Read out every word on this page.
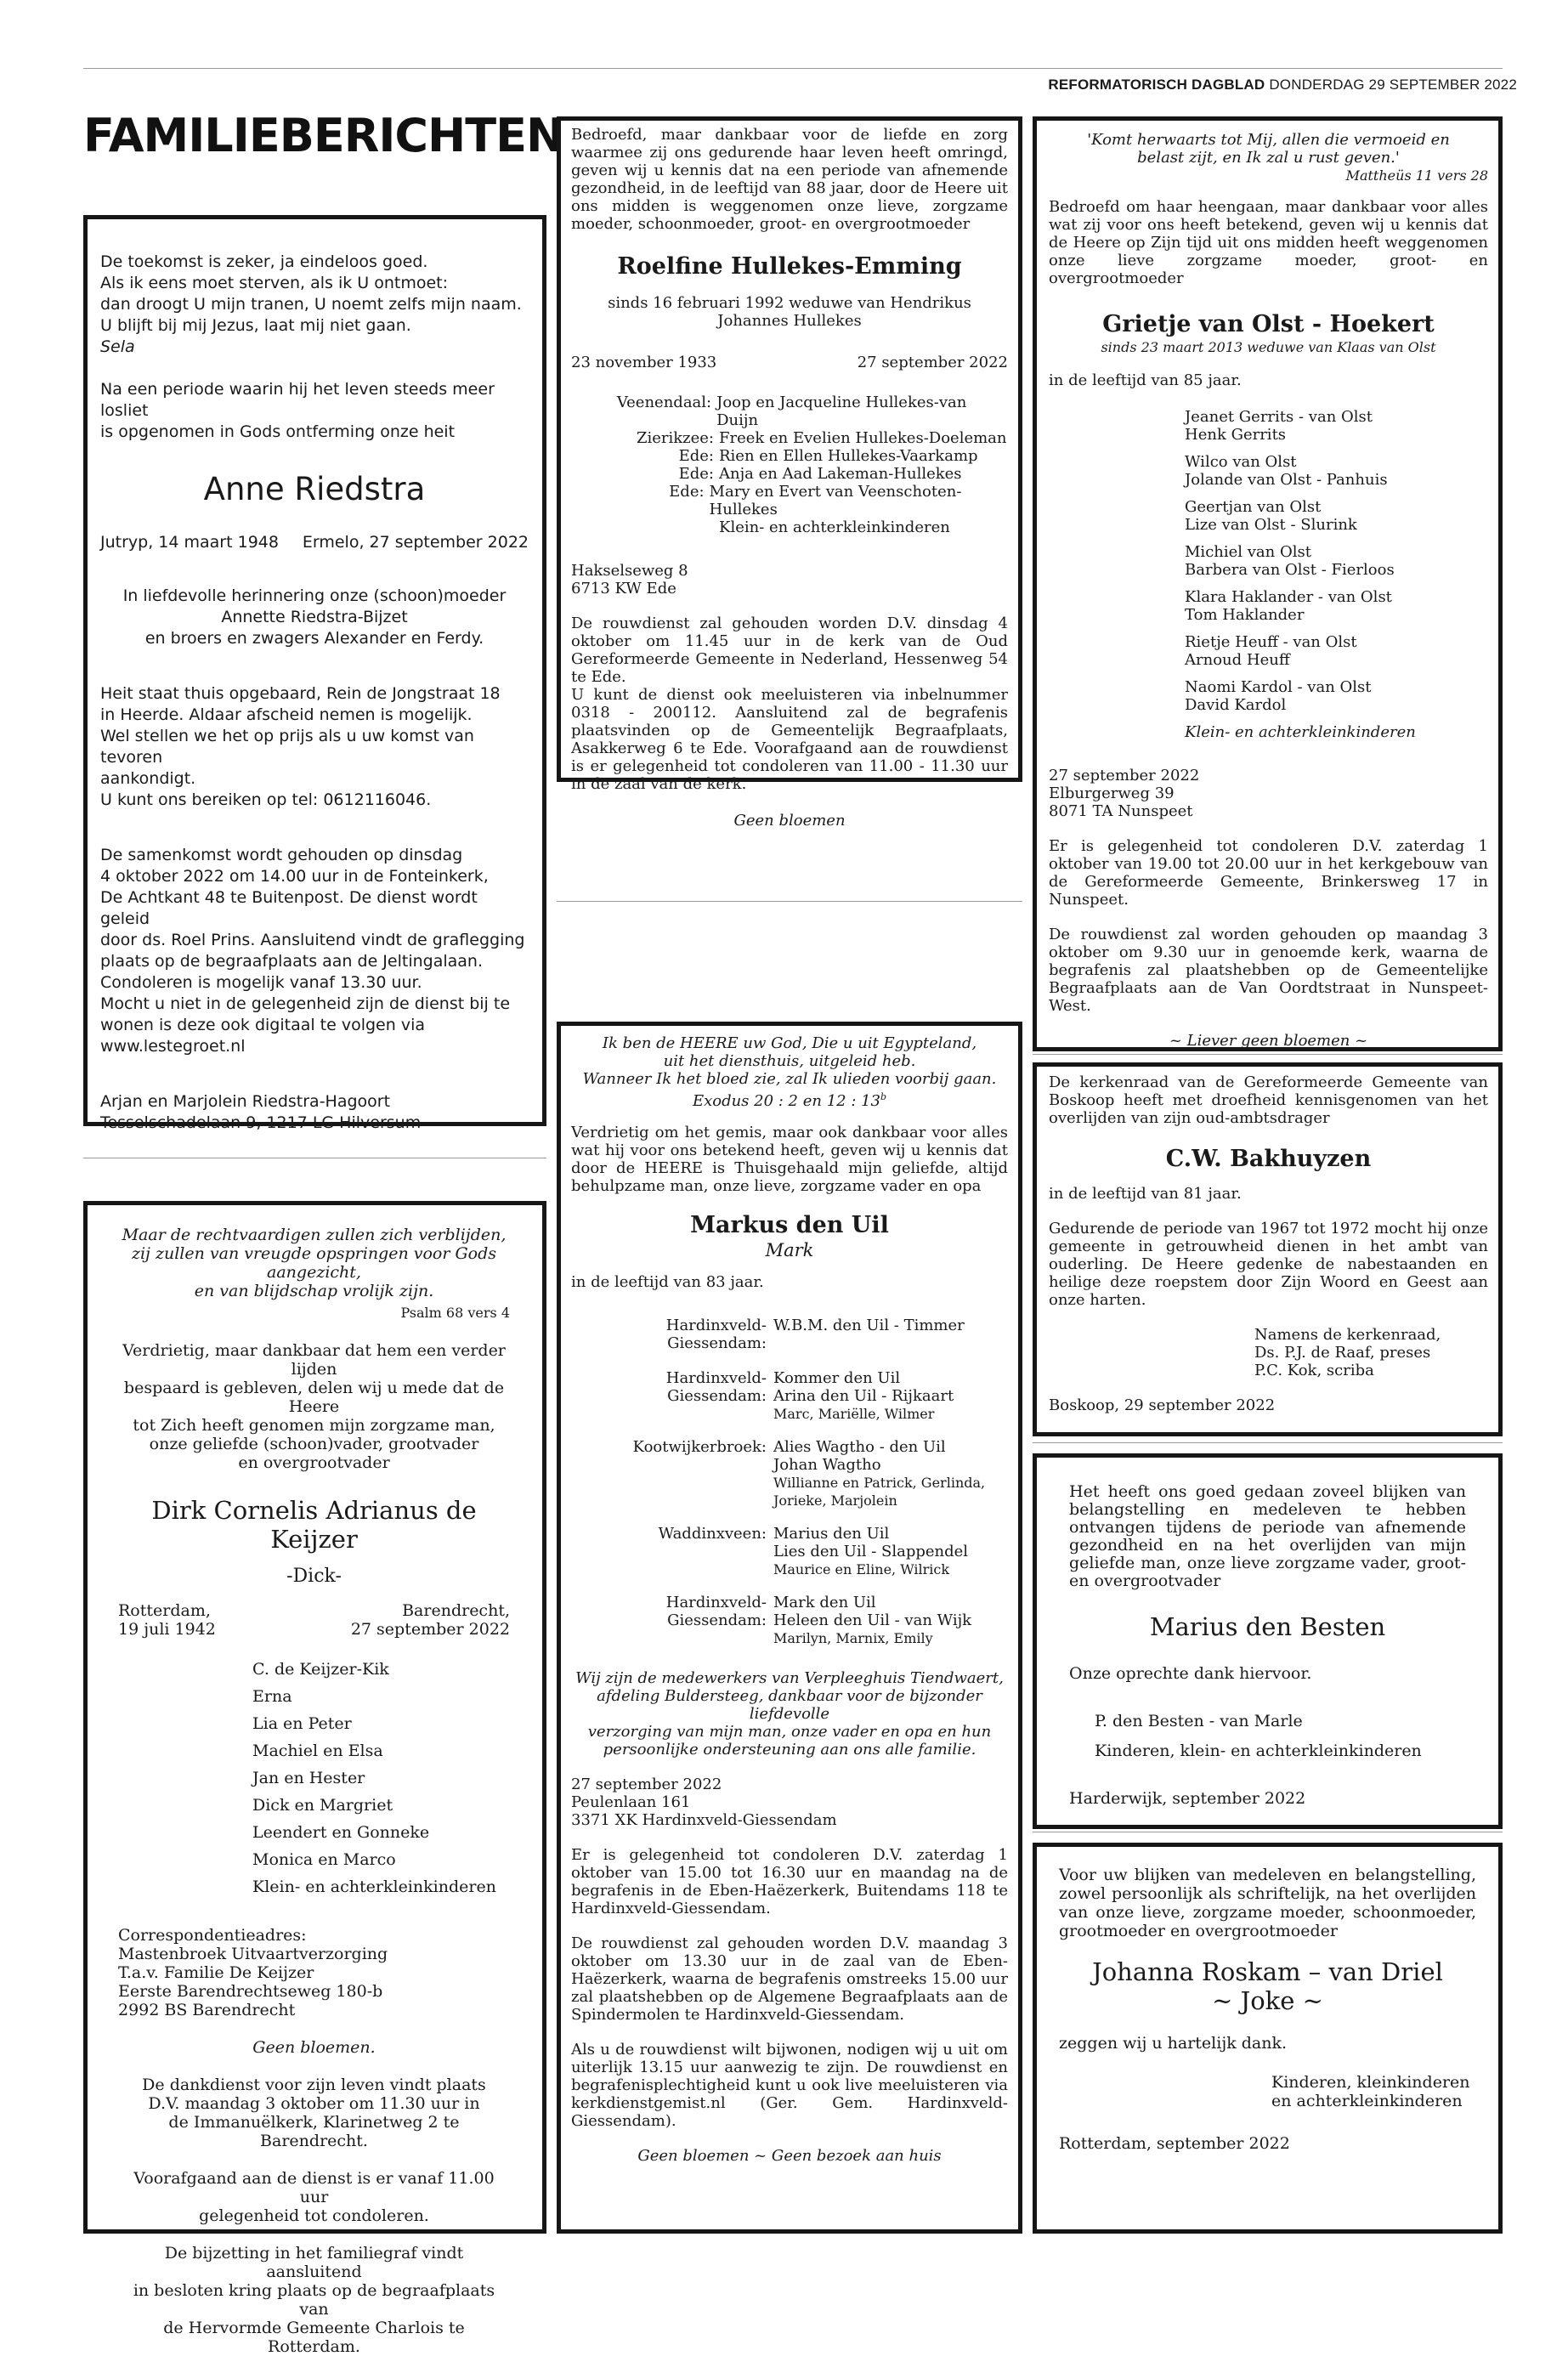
REFORMATORISCH DAGBLAD DONDERDAG 29 SEPTEMBER 2022
FAMILIEBERICHTEN

De toekomst is zeker, ja eindeloos goed.
Als ik eens moet sterven, als ik U ontmoet:
dan droogt U mijn tranen, U noemt zelfs mijn naam.
U blijft bij mij Jezus, laat mij niet gaan.

Sela

Na een periode waarin hij het leven steeds meer losliet
is opgenomen in Gods ontferming onze heit

Anne Riedstra

Jutryp, 14 maart 1948 Ermelo, 27 september 2022

In liefdevolle herinnering onze (schoon)moeder
Annette Riedstra-Bijzet
en broers en zwagers Alexander en Ferdy.

Heit staat thuis opgebaard, Rein de Jongstraat 18
in Heerde. Aldaar afscheid nemen is mogelijk.
Wel stellen we het op prijs als u uw komst van tevoren
aankondigt.
U kunt ons bereiken op tel: 0612116046.

De samenkomst wordt gehouden op dinsdag
4 oktober 2022 om 14.00 uur in de Fonteinkerk,
De Achtkant 48 te Buitenpost. De dienst wordt geleid
door ds. Roel Prins. Aansluitend vindt de graflegging
plaats op de begraafplaats aan de Jeltingalaan.
Condoleren is mogelijk vanaf 13.30 uur.
Mocht u niet in de gelegenheid zijn de dienst bij te
wonen is deze ook digitaal te volgen via
www.lestegroet.nl

Arjan en Marjolein Riedstra-Hagoort
Tesselschadelaan 9, 1217 LG Hilversum

Maar de rechtvaardigen zullen zich verblijden,
zij zullen van vreugde opspringen voor Gods aangezicht,
en van blijdschap vrolijk zijn.

Psalm 68 vers 4

Verdrietig, maar dankbaar dat hem een verder lijden
bespaard is gebleven, delen wij u mede dat de Heere
tot Zich heeft genomen mijn zorgzame man,
onze geliefde (schoon)vader, grootvader
en overgrootvader

Dirk Cornelis Adrianus de Keijzer

-Dick-

Rotterdam,

19 juli 1942

Barendrecht,

27 september 2022

C. de Keijzer-Kik

Erna

Lia en Peter

Machiel en Elsa

Jan en Hester

Dick en Margriet

Leendert en Gonneke

Monica en Marco

Klein- en achterkleinkinderen

Correspondentieadres:
Mastenbroek Uitvaartverzorging
T.a.v. Familie De Keijzer
Eerste Barendrechtseweg 180-b
2992 BS Barendrecht

Geen bloemen.

De dankdienst voor zijn leven vindt plaats
D.V. maandag 3 oktober om 11.30 uur in
de Immanuëlkerk, Klarinetweg 2 te Barendrecht.

Voorafgaand aan de dienst is er vanaf 11.00 uur
gelegenheid tot condoleren.

De bijzetting in het familiegraf vindt aansluitend
in besloten kring plaats op de begraafplaats van
de Hervormde Gemeente Charlois te Rotterdam.

Bedroefd, maar dankbaar voor de liefde en zorg waarmee zij ons gedurende haar leven heeft omringd, geven wij u kennis dat na een periode van afnemende gezondheid, in de leeftijd van 88 jaar, door de Heere uit ons midden is weggenomen onze lieve, zorgzame moeder, schoonmoeder, groot- en overgrootmoeder

Roelfine Hullekes-Emming

sinds 16 februari 1992 weduwe van Hendrikus Johannes Hullekes

23 november 1933	27 september 2022
Veenendaal: Joop en Jacqueline Hullekes-van Duijn
Zierikzee: Freek en Evelien Hullekes-Doeleman
Ede: Rien en Ellen Hullekes-Vaarkamp
Ede: Anja en Aad Lakeman-Hullekes
Ede: Mary en Evert van Veenschoten-Hullekes
Klein- en achterkleinkinderen

Hakselseweg 8
6713 KW Ede

De rouwdienst zal gehouden worden D.V. dinsdag 4 oktober om 11.45 uur in de kerk van de Oud Gereformeerde Gemeente in Nederland, Hessenweg 54 te Ede.

U kunt de dienst ook meeluisteren via inbelnummer 0318 - 200112. Aansluitend zal de begrafenis plaatsvinden op de Gemeentelijk Begraafplaats, Asakkerweg 6 te Ede. Voorafgaand aan de rouwdienst is er gelegenheid tot condoleren van 11.00 - 11.30 uur in de zaal van de kerk.

Geen bloemen

Ik ben de HEERE uw God, Die u uit Egypteland,
uit het diensthuis, uitgeleid heb.
Wanneer Ik het bloed zie, zal Ik ulieden voorbij gaan.

Exodus 20 : 2 en 12 : 13$^b$

Verdrietig om het gemis, maar ook dankbaar voor alles wat hij voor ons betekend heeft, geven wij u kennis dat door de HEERE is Thuisgehaald mijn geliefde, altijd behulpzame man, onze lieve, zorgzame vader en opa

Markus den Uil

Mark

in de leeftijd van 83 jaar.

Hardinxveld-Giessendam:

W.B.M. den Uil - Timmer

Hardinxveld-Giessendam:

Kommer den Uil
Arina den Uil - Rijkaart

Marc, Mariëlle, Wilmer

Kootwijkerbroek: Alies Wagtho - den Uil
Johan Wagtho

Willianne en Patrick, Gerlinda,
Jorieke, Marjolein

Waddinxveen: Marius den Uil
Lies den Uil - Slappendel

Maurice en Eline, Wilrick

Hardinxveld-Giessendam:

Mark den Uil
Heleen den Uil - van Wijk

Marilyn, Marnix, Emily

Wij zijn de medewerkers van Verpleeghuis Tiendwaert,
afdeling Buldersteeg, dankbaar voor de bijzonder liefdevolle
verzorging van mijn man, onze vader en opa en hun
persoonlijke ondersteuning aan ons alle familie.

27 september 2022
Peulenlaan 161
3371 XK Hardinxveld-Giessendam

Er is gelegenheid tot condoleren D.V. zaterdag 1 oktober van 15.00 tot 16.30 uur en maandag na de begrafenis in de Eben-Haëzerkerk, Buitendams 118 te Hardinxveld-Giessendam.

De rouwdienst zal gehouden worden D.V. maandag 3 oktober om 13.30 uur in de zaal van de Eben-Haëzerkerk, waarna de begrafenis omstreeks 15.00 uur zal plaatshebben op de Algemene Begraafplaats aan de Spindermolen te Hardinxveld-Giessendam.

Als u de rouwdienst wilt bijwonen, nodigen wij u uit om uiterlijk 13.15 uur aanwezig te zijn. De rouwdienst en begrafenisplechtigheid kunt u ook live meeluisteren via kerkdienstgemist.nl (Ger. Gem. Hardinxveld-Giessendam).

Geen bloemen ~ Geen bezoek aan huis

'Komt herwaarts tot Mij, allen die vermoeid en
belast zijt, en Ik zal u rust geven.'

Mattheüs 11 vers 28

Bedroefd om haar heengaan, maar dankbaar voor alles wat zij voor ons heeft betekend, geven wij u kennis dat de Heere op Zijn tijd uit ons midden heeft weggenomen onze lieve zorgzame moeder, groot- en overgrootmoeder

Grietje van Olst - Hoekert

sinds 23 maart 2013 weduwe van Klaas van Olst

in de leeftijd van 85 jaar.

Jeanet Gerrits - van Olst
Henk Gerrits

Wilco van Olst
Jolande van Olst - Panhuis

Geertjan van Olst
Lize van Olst - Slurink

Michiel van Olst
Barbera van Olst - Fierloos

Klara Haklander - van Olst
Tom Haklander

Rietje Heuff - van Olst
Arnoud Heuff

Naomi Kardol - van Olst
David Kardol

Klein- en achterkleinkinderen

27 september 2022
Elburgerweg 39
8071 TA Nunspeet

Er is gelegenheid tot condoleren D.V. zaterdag 1 oktober van 19.00 tot 20.00 uur in het kerkgebouw van de Gereformeerde Gemeente, Brinkersweg 17 in Nunspeet.

De rouwdienst zal worden gehouden op maandag 3 oktober om 9.30 uur in genoemde kerk, waarna de begrafenis zal plaatshebben op de Gemeentelijke Begraafplaats aan de Van Oordtstraat in Nunspeet-West.

~ Liever geen bloemen ~

De kerkenraad van de Gereformeerde Gemeente van Boskoop heeft met droefheid kennisgenomen van het overlijden van zijn oud-ambtsdrager

C.W. Bakhuyzen

in de leeftijd van 81 jaar.

Gedurende de periode van 1967 tot 1972 mocht hij onze gemeente in getrouwheid dienen in het ambt van ouderling. De Heere gedenke de nabestaanden en heilige deze roepstem door Zijn Woord en Geest aan onze harten.

Namens de kerkenraad,
Ds. P.J. de Raaf, preses
P.C. Kok, scriba

Boskoop, 29 september 2022

Het heeft ons goed gedaan zoveel blijken van belangstelling en medeleven te hebben ontvangen tijdens de periode van afnemende gezondheid en na het overlijden van mijn geliefde man, onze lieve zorgzame vader, groot- en overgrootvader

Marius den Besten

Onze oprechte dank hiervoor.

P. den Besten - van Marle
Kinderen, klein- en achterkleinkinderen

Harderwijk, september 2022

Voor uw blijken van medeleven en belangstelling, zowel persoonlijk als schriftelijk, na het overlijden van onze lieve, zorgzame moeder, schoonmoeder, grootmoeder en overgrootmoeder

Johanna Roskam – van Driel

~ Joke ~

zeggen wij u hartelijk dank.

Kinderen, kleinkinderen
en achterkleinkinderen

Rotterdam, september 2022
